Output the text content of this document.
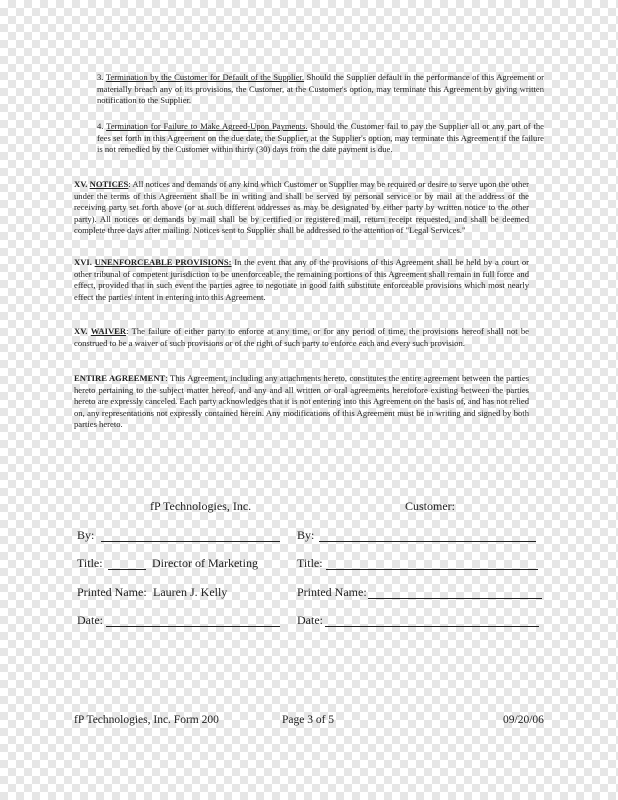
3. Termination by the Customer for Default of the Supplier. Should the Supplier default in the performance of this Agreement or materially breach any of its provisions, the Customer, at the Customer's option, may terminate this Agreement by giving written notification to the Supplier.

4. Termination for Failure to Make Agreed-Upon Payments. Should the Customer fail to pay the Supplier all or any part of the fees set forth in this Agreement on the due date, the Supplier, at the Supplier's option, may terminate this Agreement if the failure is not remedied by the Customer within thirty (30) days from the date payment is due.

XV. NOTICES: All notices and demands of any kind which Customer or Supplier may be required or desire to serve upon the other under the terms of this Agreement shall be in writing and shall be served by personal service or by mail at the address of the receiving party set forth above (or at such different addresses as may be designated by either party by written notice to the other party). All notices or demands by mail shall be by certified or registered mail, return receipt requested, and shall be deemed complete three days after mailing. Notices sent to Supplier shall be addressed to the attention of "Legal Services."

XVI. UNENFORCEABLE PROVISIONS: In the event that any of the provisions of this Agreement shall be held by a court or other tribunal of competent jurisdiction to be unenforceable, the remaining portions of this Agreement shall remain in full force and effect, provided that in such event the parties agree to negotiate in good faith substitute enforceable provisions which most nearly effect the parties' intent in entering into this Agreement.

XV. WAIVER: The failure of either party to enforce at any time, or for any period of time, the provisions hereof shall not be construed to be a waiver of such provisions or of the right of such party to enforce each and every such provision.

ENTIRE AGREEMENT: This Agreement, including any attachments hereto, constitutes the entire agreement between the parties hereto pertaining to the subject matter hereof, and any and all written or oral agreements heretofore existing between the parties hereto are expressly canceled. Each party acknowledges that it is not entering into this Agreement on the basis of, and has not relied on, any representations not expressly contained herein. Any modifications of this Agreement must be in writing and signed by both parties hereto.

fP Technologies, Inc.	Customer:
By:	By:
Title:	Director of Marketing	Title:
Printed Name: Lauren J. Kelly	Printed Name:
Date:	Date:
fP Technologies, Inc. Form 200	Page 3 of 5	09/20/06
